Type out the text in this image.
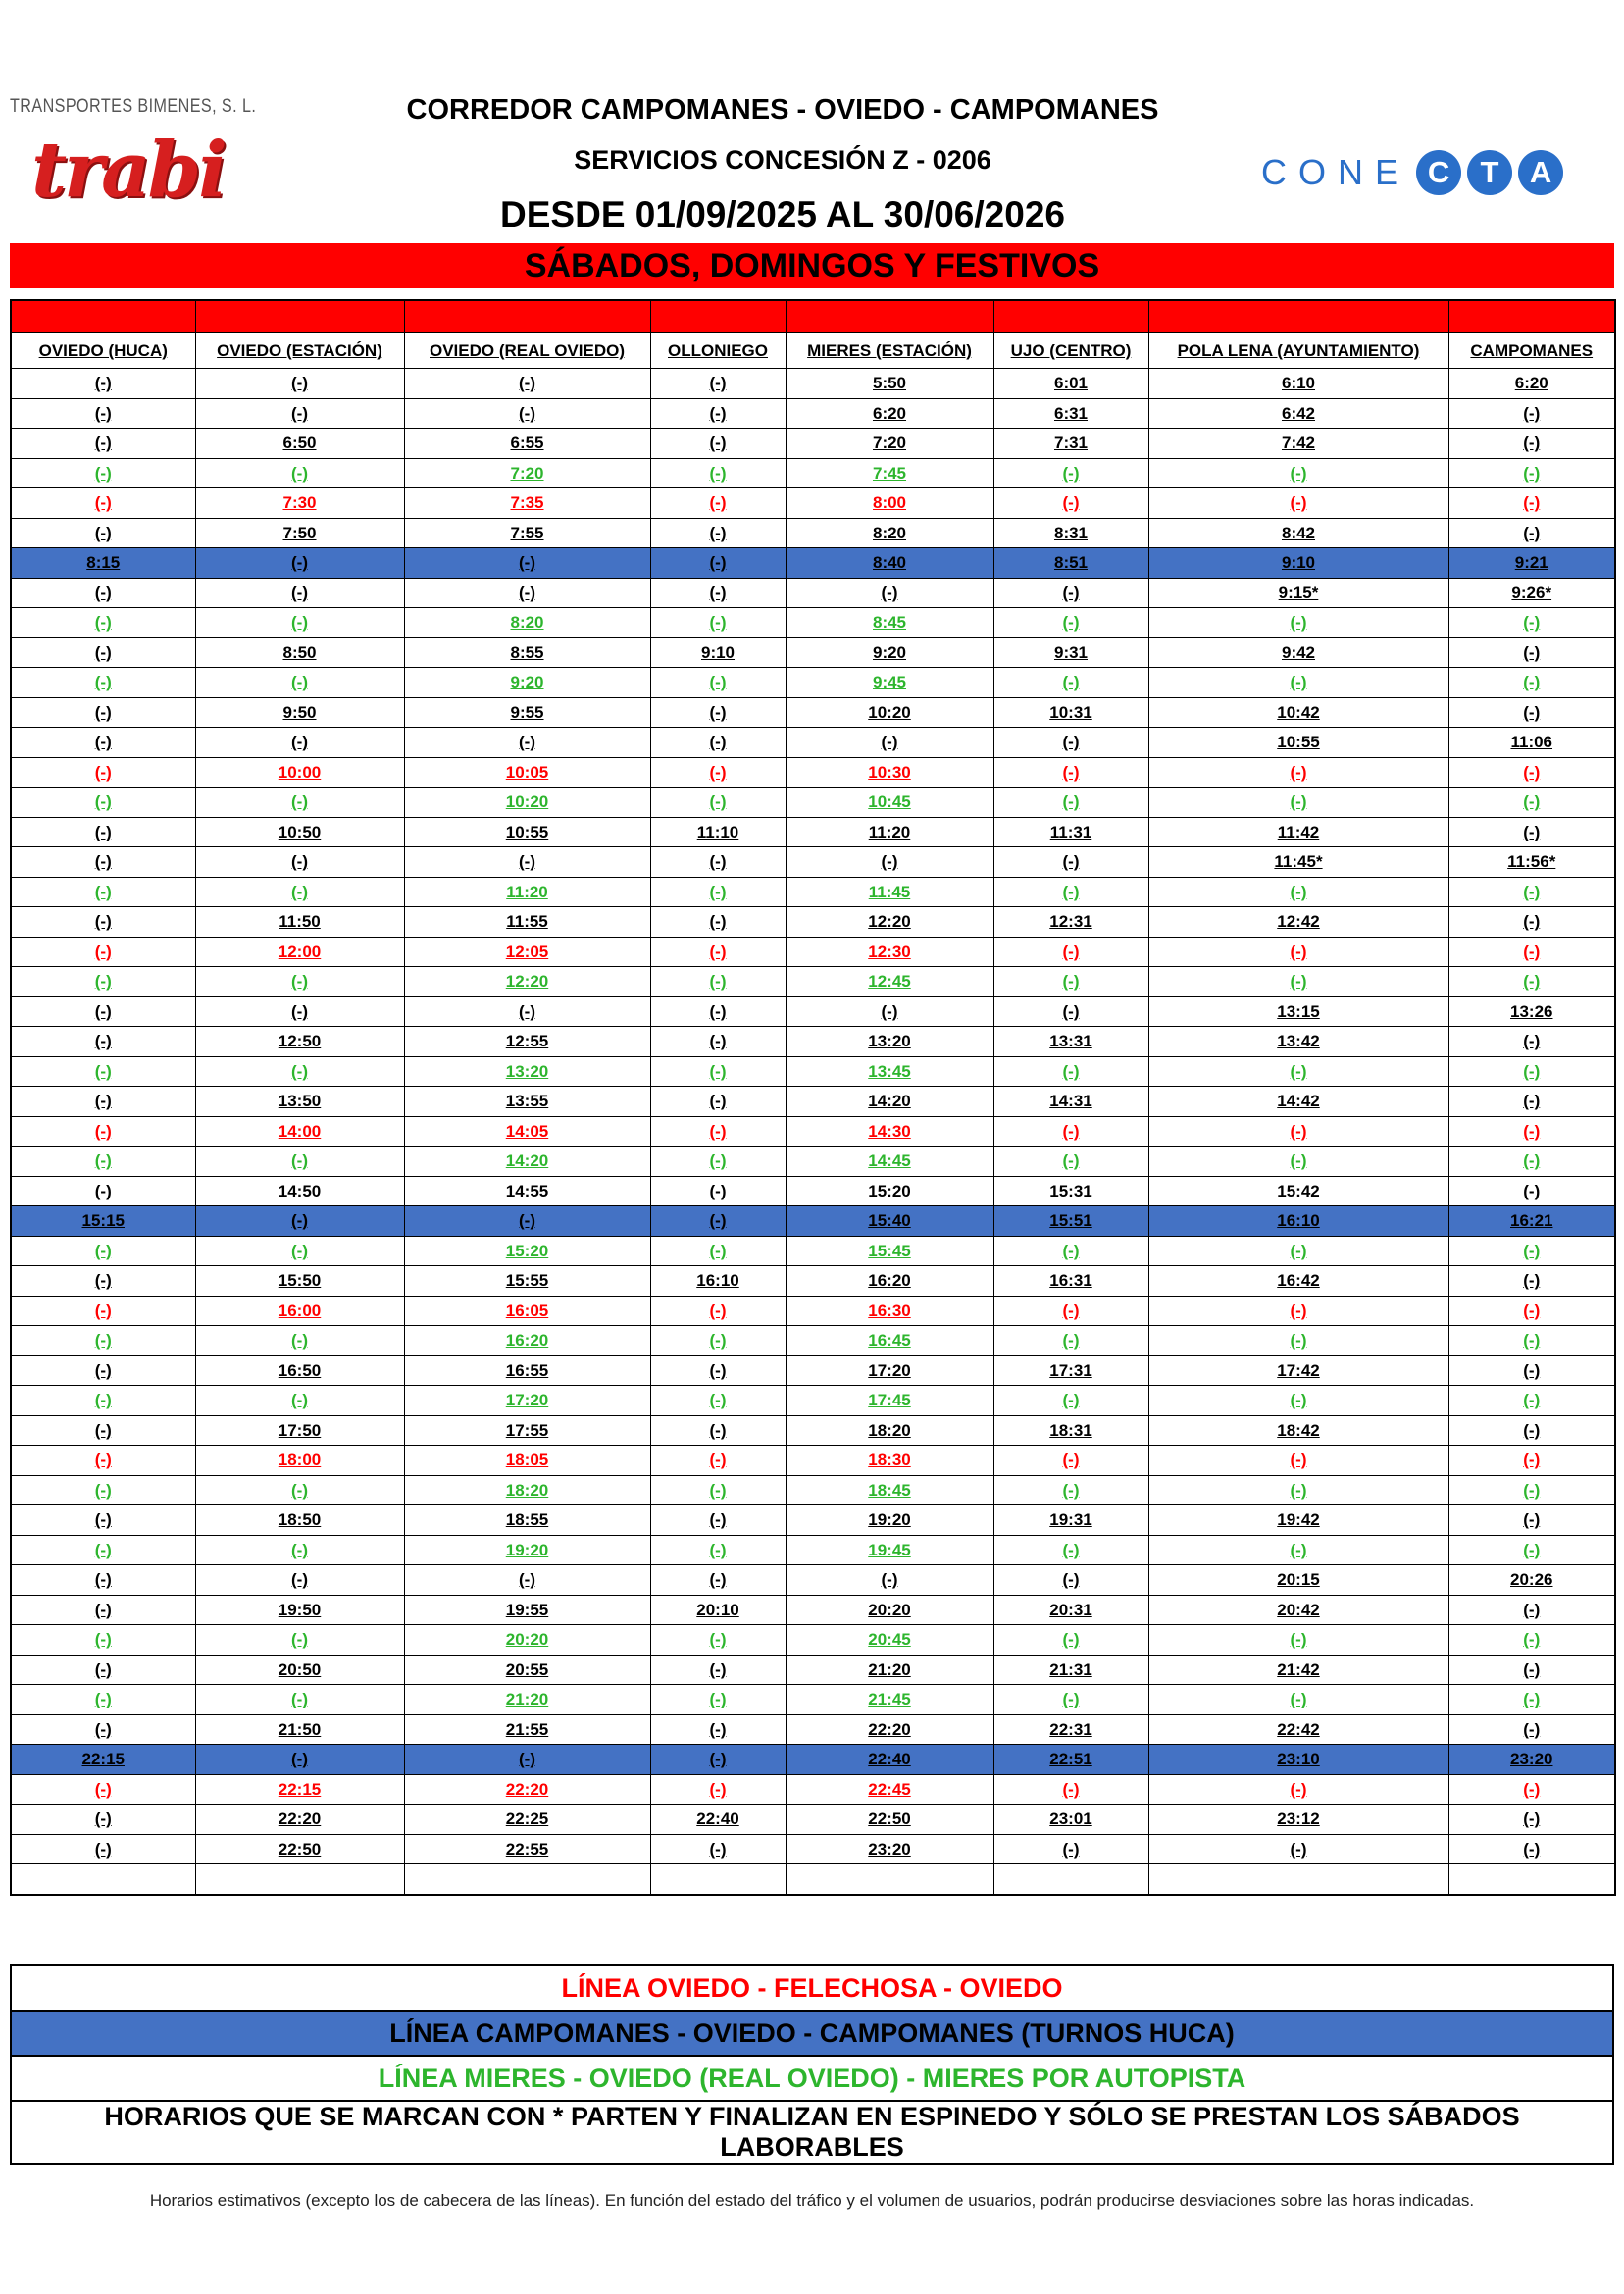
TRANSPORTES BIMENES, S. L.
trabi
CORREDOR CAMPOMANES - OVIEDO - CAMPOMANES
SERVICIOS CONCESIÓN Z - 0206
DESDE 01/09/2025 AL 30/06/2026
CONE C	T	A
SÁBADOS, DOMINGOS Y FESTIVOS

OVIEDO (HUCA)	OVIEDO (ESTACIÓN)	OVIEDO (REAL OVIEDO)	OLLONIEGO	MIERES (ESTACIÓN)	UJO (CENTRO)	POLA LENA (AYUNTAMIENTO)	CAMPOMANES
(-)	(-)	(-)	(-)	5:50	6:01	6:10	6:20
(-)	(-)	(-)	(-)	6:20	6:31	6:42	(-)
(-)	6:50	6:55	(-)	7:20	7:31	7:42	(-)
(-)	(-)	7:20	(-)	7:45	(-)	(-)	(-)
(-)	7:30	7:35	(-)	8:00	(-)	(-)	(-)
(-)	7:50	7:55	(-)	8:20	8:31	8:42	(-)
8:15	(-)	(-)	(-)	8:40	8:51	9:10	9:21
(-)	(-)	(-)	(-)	(-)	(-)	9:15*	9:26*
(-)	(-)	8:20	(-)	8:45	(-)	(-)	(-)
(-)	8:50	8:55	9:10	9:20	9:31	9:42	(-)
(-)	(-)	9:20	(-)	9:45	(-)	(-)	(-)
(-)	9:50	9:55	(-)	10:20	10:31	10:42	(-)
(-)	(-)	(-)	(-)	(-)	(-)	10:55	11:06
(-)	10:00	10:05	(-)	10:30	(-)	(-)	(-)
(-)	(-)	10:20	(-)	10:45	(-)	(-)	(-)
(-)	10:50	10:55	11:10	11:20	11:31	11:42	(-)
(-)	(-)	(-)	(-)	(-)	(-)	11:45*	11:56*
(-)	(-)	11:20	(-)	11:45	(-)	(-)	(-)
(-)	11:50	11:55	(-)	12:20	12:31	12:42	(-)
(-)	12:00	12:05	(-)	12:30	(-)	(-)	(-)
(-)	(-)	12:20	(-)	12:45	(-)	(-)	(-)
(-)	(-)	(-)	(-)	(-)	(-)	13:15	13:26
(-)	12:50	12:55	(-)	13:20	13:31	13:42	(-)
(-)	(-)	13:20	(-)	13:45	(-)	(-)	(-)
(-)	13:50	13:55	(-)	14:20	14:31	14:42	(-)
(-)	14:00	14:05	(-)	14:30	(-)	(-)	(-)
(-)	(-)	14:20	(-)	14:45	(-)	(-)	(-)
(-)	14:50	14:55	(-)	15:20	15:31	15:42	(-)
15:15	(-)	(-)	(-)	15:40	15:51	16:10	16:21
(-)	(-)	15:20	(-)	15:45	(-)	(-)	(-)
(-)	15:50	15:55	16:10	16:20	16:31	16:42	(-)
(-)	16:00	16:05	(-)	16:30	(-)	(-)	(-)
(-)	(-)	16:20	(-)	16:45	(-)	(-)	(-)
(-)	16:50	16:55	(-)	17:20	17:31	17:42	(-)
(-)	(-)	17:20	(-)	17:45	(-)	(-)	(-)
(-)	17:50	17:55	(-)	18:20	18:31	18:42	(-)
(-)	18:00	18:05	(-)	18:30	(-)	(-)	(-)
(-)	(-)	18:20	(-)	18:45	(-)	(-)	(-)
(-)	18:50	18:55	(-)	19:20	19:31	19:42	(-)
(-)	(-)	19:20	(-)	19:45	(-)	(-)	(-)
(-)	(-)	(-)	(-)	(-)	(-)	20:15	20:26
(-)	19:50	19:55	20:10	20:20	20:31	20:42	(-)
(-)	(-)	20:20	(-)	20:45	(-)	(-)	(-)
(-)	20:50	20:55	(-)	21:20	21:31	21:42	(-)
(-)	(-)	21:20	(-)	21:45	(-)	(-)	(-)
(-)	21:50	21:55	(-)	22:20	22:31	22:42	(-)
22:15	(-)	(-)	(-)	22:40	22:51	23:10	23:20
(-)	22:15	22:20	(-)	22:45	(-)	(-)	(-)
(-)	22:20	22:25	22:40	22:50	23:01	23:12	(-)
(-)	22:50	22:55	(-)	23:20	(-)	(-)	(-)

LÍNEA OVIEDO - FELECHOSA - OVIEDO
LÍNEA CAMPOMANES - OVIEDO - CAMPOMANES (TURNOS HUCA)
LÍNEA MIERES - OVIEDO (REAL OVIEDO) - MIERES POR AUTOPISTA
HORARIOS QUE SE MARCAN CON * PARTEN Y FINALIZAN EN ESPINEDO Y SÓLO SE PRESTAN LOS SÁBADOS LABORABLES
Horarios estimativos (excepto los de cabecera de las líneas). En función del estado del tráfico y el volumen de usuarios, podrán producirse desviaciones sobre las horas indicadas.
